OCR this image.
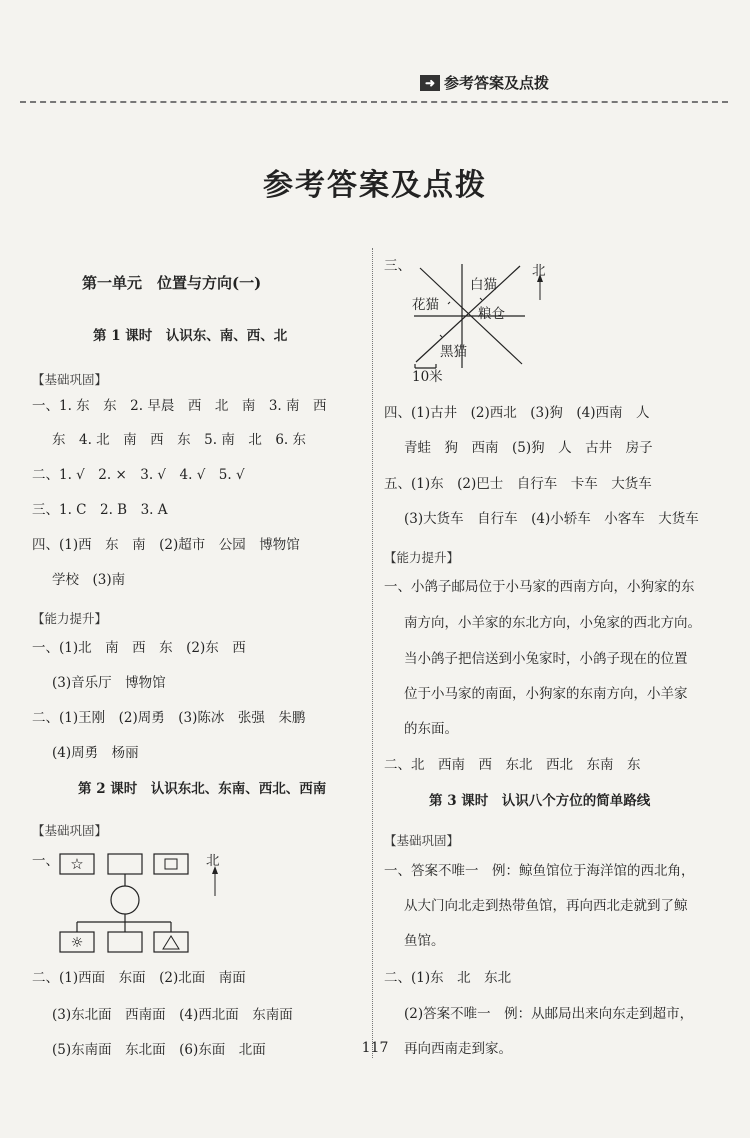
➜ 参考答案及点拨
参考答案及点拨
第一单元　位置与方向(一)
第 1 课时　认识东、南、西、北
【基础巩固】
一、1. 东　东　2. 早晨　西　北　南　3. 南　西
东　4. 北　南　西　东　5. 南　北　6. 东
二、1. √　2. ×　3. √　4. √　5. √
三、1. C　2. B　3. A
四、(1)西　东　南　(2)超市　公园　博物馆
学校　(3)南
【能力提升】
一、(1)北　南　西　东　(2)东　西
(3)音乐厅　博物馆
二、(1)王刚　(2)周勇　(3)陈冰　张强　朱鹏
(4)周勇　杨丽
第 2 课时　认识东北、东南、西北、西南
【基础巩固】
一、 ☆
☼
北
二、(1)西面　东面　(2)北面　南面
(3)东北面　西南面　(4)西北面　东南面
(5)东南面　东北面　(6)东面　北面
三、
白猫
花猫
粮仓
黑猫
10米
北
四、(1)古井　(2)西北　(3)狗　(4)西南　人
青蛙　狗　西南　(5)狗　人　古井　房子
五、(1)东　(2)巴士　自行车　卡车　大货车
(3)大货车　自行车　(4)小轿车　小客车　大货车
【能力提升】
一、小鸽子邮局位于小马家的西南方向，小狗家的东
南方向，小羊家的东北方向，小兔家的西北方向。
当小鸽子把信送到小兔家时，小鸽子现在的位置
位于小马家的南面，小狗家的东南方向，小羊家
的东面。
二、北　西南　西　东北　西北　东南　东
第 3 课时　认识八个方位的简单路线
【基础巩固】
一、答案不唯一　例：鲸鱼馆位于海洋馆的西北角，
从大门向北走到热带鱼馆，再向西北走就到了鲸
鱼馆。
二、(1)东　北　东北
(2)答案不唯一　例：从邮局出来向东走到超市，
再向西南走到家。
117
